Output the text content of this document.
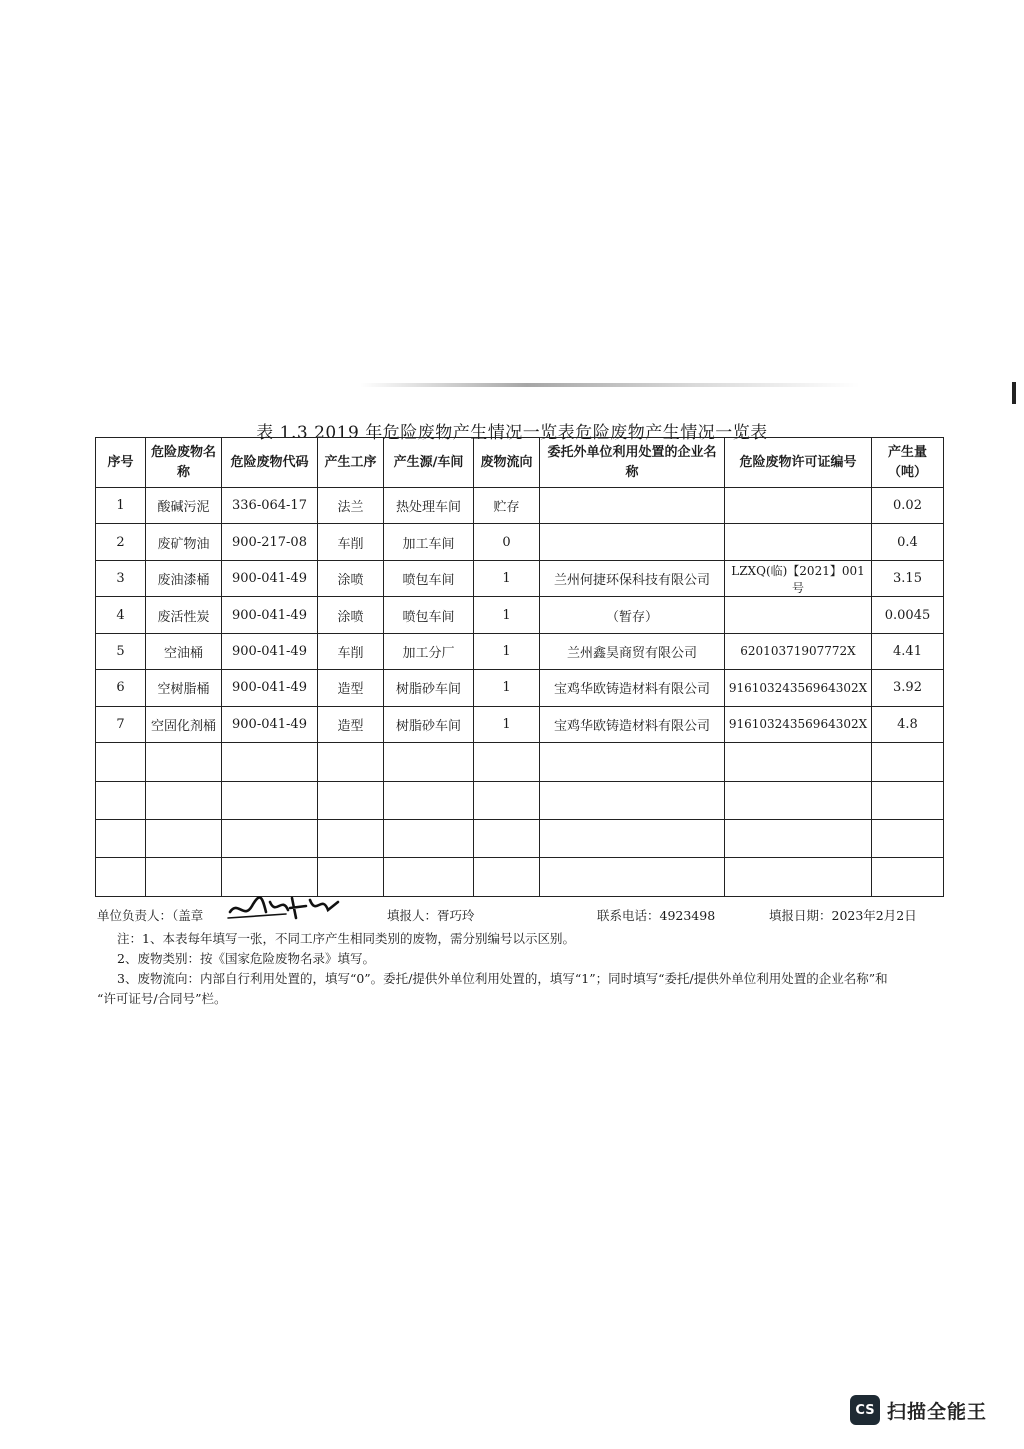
表 1.3 2019 年危险废物产生情况一览表危险废物产生情况一览表
序号	危险废物名称	危险废物代码	产生工序	产生源/车间	废物流向	委托外单位利用处置的企业名称	危险废物许可证编号	产生量（吨）
1	酸碱污泥	336-064-17	法兰	热处理车间	贮存			0.02
2	废矿物油	900-217-08	车削	加工车间	0			0.4
3	废油漆桶	900-041-49	涂喷	喷包车间	1	兰州何捷环保科技有限公司	LZXQ(临)【2021】001 号	3.15
4	废活性炭	900-041-49	涂喷	喷包车间	1	（暂存）		0.0045
5	空油桶	900-041-49	车削	加工分厂	1	兰州鑫昊商贸有限公司	62010371907772X	4.41
6	空树脂桶	900-041-49	造型	树脂砂车间	1	宝鸡华欧铸造材料有限公司	91610324356964302X	3.92
7	空固化剂桶	900-041-49	造型	树脂砂车间	1	宝鸡华欧铸造材料有限公司	91610324356964302X	4.8

单位负责人：（盖章	填报人：胥巧玲	联系电话：4923498	填报日期：2023年2月2日
注：1、本表每年填写一张，不同工序产生相同类别的废物，需分别编号以示区别。
2、废物类别：按《国家危险废物名录》填写。
3、废物流向：内部自行利用处置的，填写“0”。委托/提供外单位利用处置的，填写“1”；同时填写“委托/提供外单位利用处置的企业名称”和
“许可证号/合同号”栏。
CS 扫描全能王
